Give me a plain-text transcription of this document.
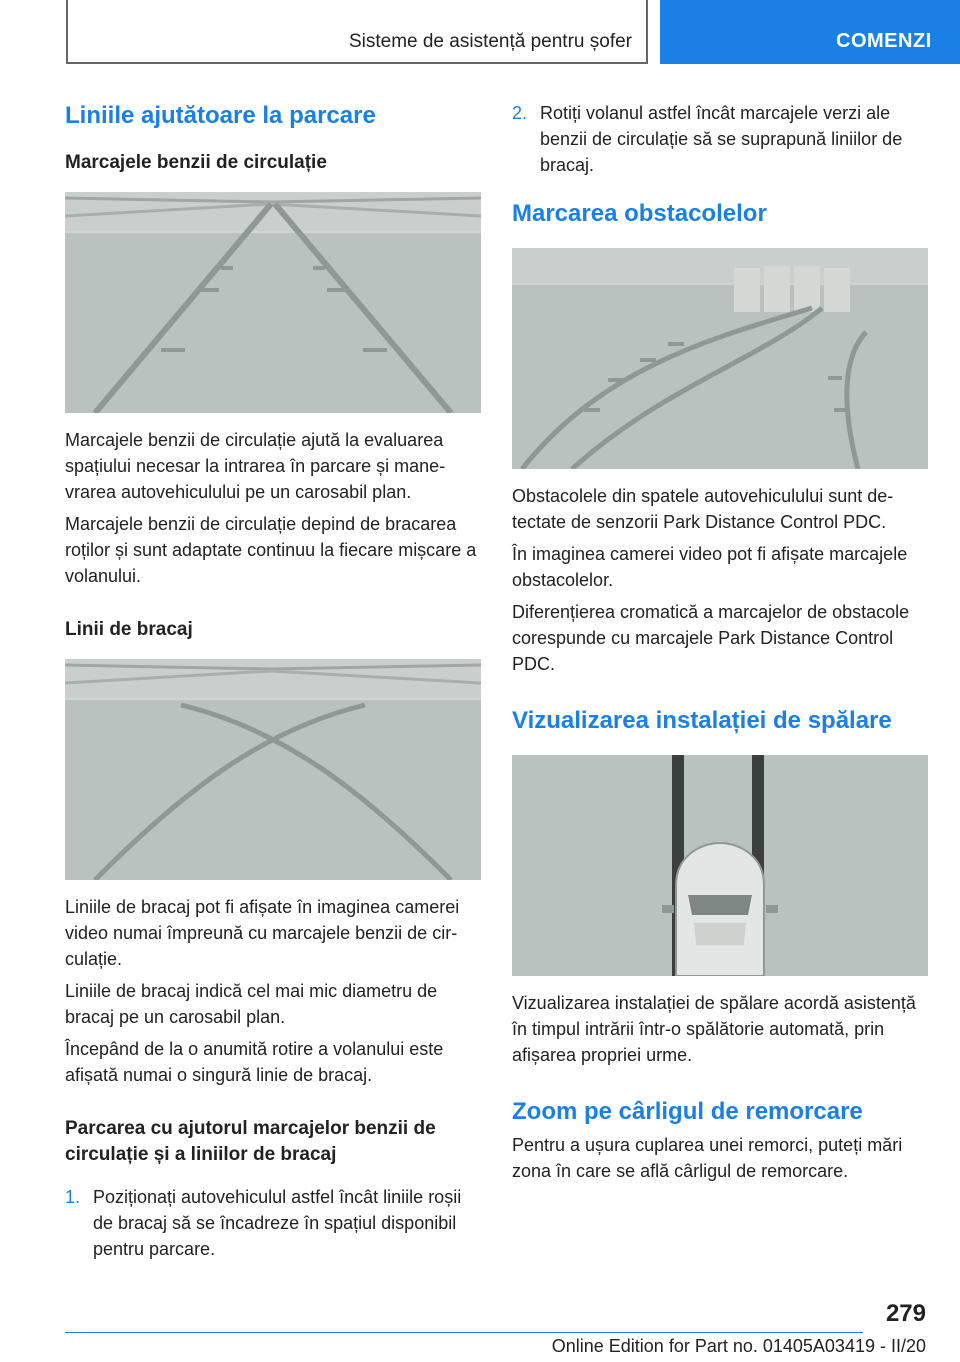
Sisteme de asistență pentru șofer	COMENZI
Liniile ajutătoare la parcare
Marcajele benzii de circulație

Marcajele benzii de circulație ajută la evaluarea spațiului necesar la intrarea în parcare și manevrarea autovehiculului pe un carosabil plan.

Marcajele benzii de circulație depind de bracarea roților și sunt adaptate continuu la fiecare mișcare a volanului.

Linii de bracaj

Liniile de bracaj pot fi afișate în imaginea camerei video numai împreună cu marcajele benzii de circulație.

Liniile de bracaj indică cel mai mic diametru de bracaj pe un carosabil plan.

Începând de la o anumită rotire a volanului este afișată numai o singură linie de bracaj.

Parcarea cu ajutorul marcajelor benzii de circulație și a liniilor de bracaj
1. Poziționați autovehiculul astfel încât liniile roșii de bracaj să se încadreze în spațiul disponibil pentru parcare.
2. Rotiți volanul astfel încât marcajele verzi ale benzii de circulație să se suprapună liniilor de bracaj.
Marcarea obstacolelor

Obstacolele din spatele autovehiculului sunt detectate de senzorii Park Distance Control PDC.

În imaginea camerei video pot fi afișate marcajele obstacolelor.

Diferențierea cromatică a marcajelor de obstacole corespunde cu marcajele Park Distance Control PDC.

Vizualizarea instalației de spălare

Vizualizarea instalației de spălare acordă asistență în timpul intrării într-o spălătorie automată, prin afișarea propriei urme.

Zoom pe cârligul de remorcare

Pentru a ușura cuplarea unei remorci, puteți mări zona în care se află cârligul de remorcare.

279
Online Edition for Part no. 01405A03419 - II/20
